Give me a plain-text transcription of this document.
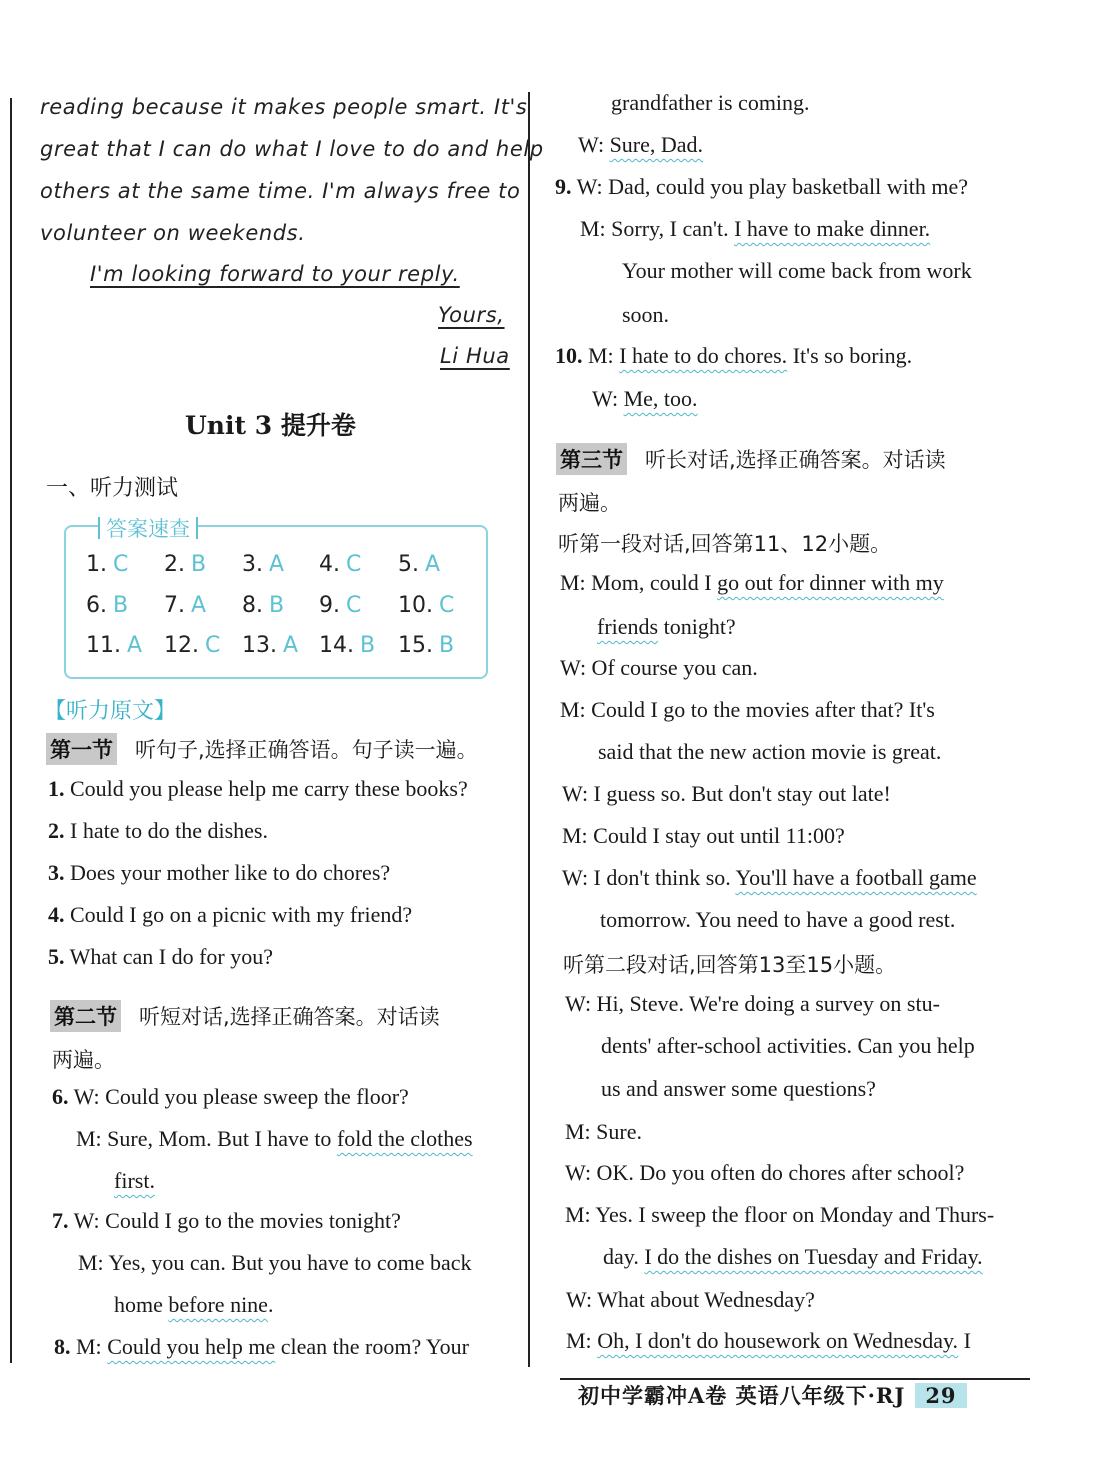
reading because it makes people smart. It's
great that I can do what I love to do and help
others at the same time. I'm always free to
volunteer on weekends.
I'm looking forward to your reply.
Yours,
Li Hua
Unit 3 提升卷
一、听力测试
答案速查
1. C 2. B 3. A 4. C 5. A
6. B 7. A 8. B 9. C 10. C
11. A 12. C 13. A 14. B 15. B
【听力原文】
第一节 听句子,选择正确答语。句子读一遍。
1. Could you please help me carry these books?
2. I hate to do the dishes.
3. Does your mother like to do chores?
4. Could I go on a picnic with my friend?
5. What can I do for you?
第二节 听短对话,选择正确答案。对话读
两遍。
6. W: Could you please sweep the floor?
M: Sure, Mom. But I have to fold the clothes
first.
7. W: Could I go to the movies tonight?
M: Yes, you can. But you have to come back
home before nine.
8. M: Could you help me clean the room? Your
grandfather is coming.
W: Sure, Dad.
9. W: Dad, could you play basketball with me?
M: Sorry, I can't. I have to make dinner.
Your mother will come back from work
soon.
10. M: I hate to do chores. It's so boring.
W: Me, too.
第三节 听长对话,选择正确答案。对话读
两遍。
听第一段对话,回答第11、12小题。
M: Mom, could I go out for dinner with my
friends tonight?
W: Of course you can.
M: Could I go to the movies after that? It's
said that the new action movie is great.
W: I guess so. But don't stay out late!
M: Could I stay out until 11:00?
W: I don't think so. You'll have a football game
tomorrow. You need to have a good rest.
听第二段对话,回答第13至15小题。
W: Hi, Steve. We're doing a survey on stu-
dents' after-school activities. Can you help
us and answer some questions?
M: Sure.
W: OK. Do you often do chores after school?
M: Yes. I sweep the floor on Monday and Thurs-
day. I do the dishes on Tuesday and Friday.
W: What about Wednesday?
M: Oh, I don't do housework on Wednesday. I
初中学霸冲A卷 英语八年级下·RJ 29
